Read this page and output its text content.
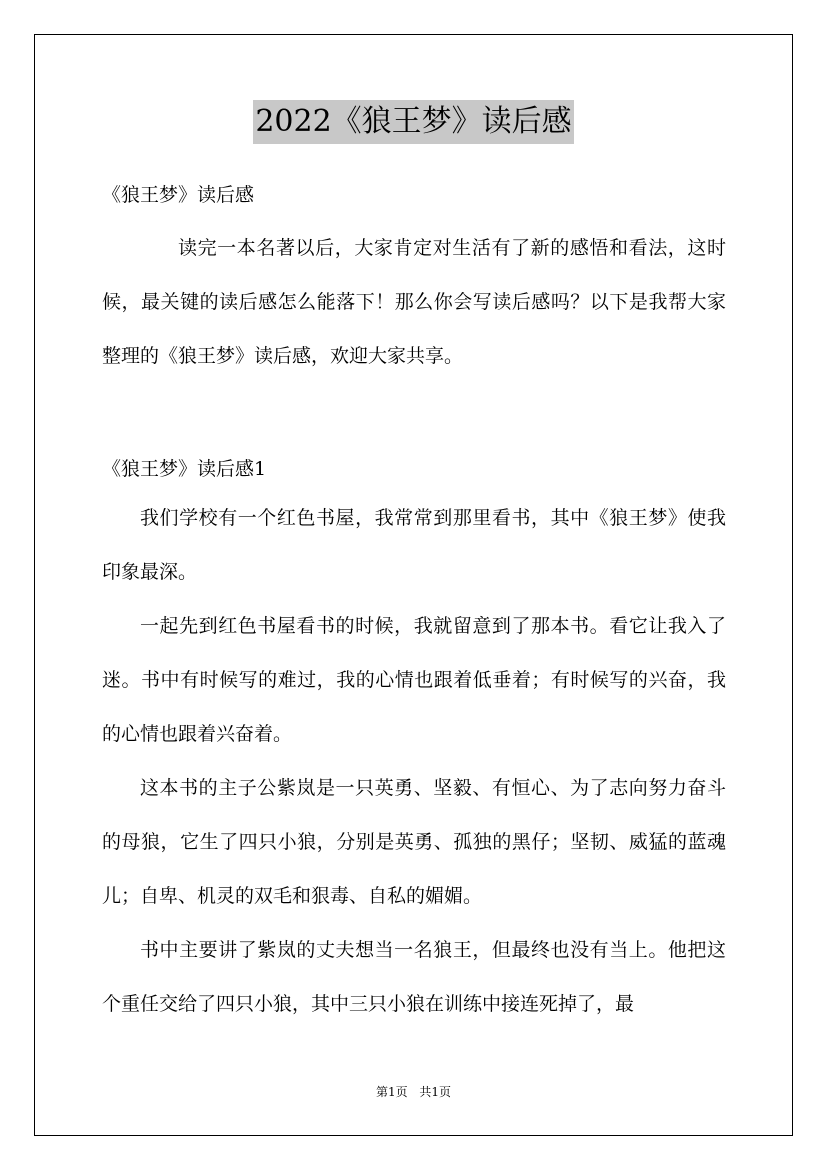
2022《狼王梦》读后感
《狼王梦》读后感
读完一本名著以后，大家肯定对生活有了新的感悟和看法，这时候，最关键的读后感怎么能落下！那么你会写读后感吗？以下是我帮大家整理的《狼王梦》读后感，欢迎大家共享。
《狼王梦》读后感1
我们学校有一个红色书屋，我常常到那里看书，其中《狼王梦》使我印象最深。
一起先到红色书屋看书的时候，我就留意到了那本书。看它让我入了迷。书中有时候写的难过，我的心情也跟着低垂着；有时候写的兴奋，我的心情也跟着兴奋着。
这本书的主子公紫岚是一只英勇、坚毅、有恒心、为了志向努力奋斗的母狼，它生了四只小狼，分别是英勇、孤独的黑仔；坚韧、威猛的蓝魂儿；自卑、机灵的双毛和狠毒、自私的媚媚。
书中主要讲了紫岚的丈夫想当一名狼王，但最终也没有当上。他把这个重任交给了四只小狼，其中三只小狼在训练中接连死掉了，最
第1页 共1页
